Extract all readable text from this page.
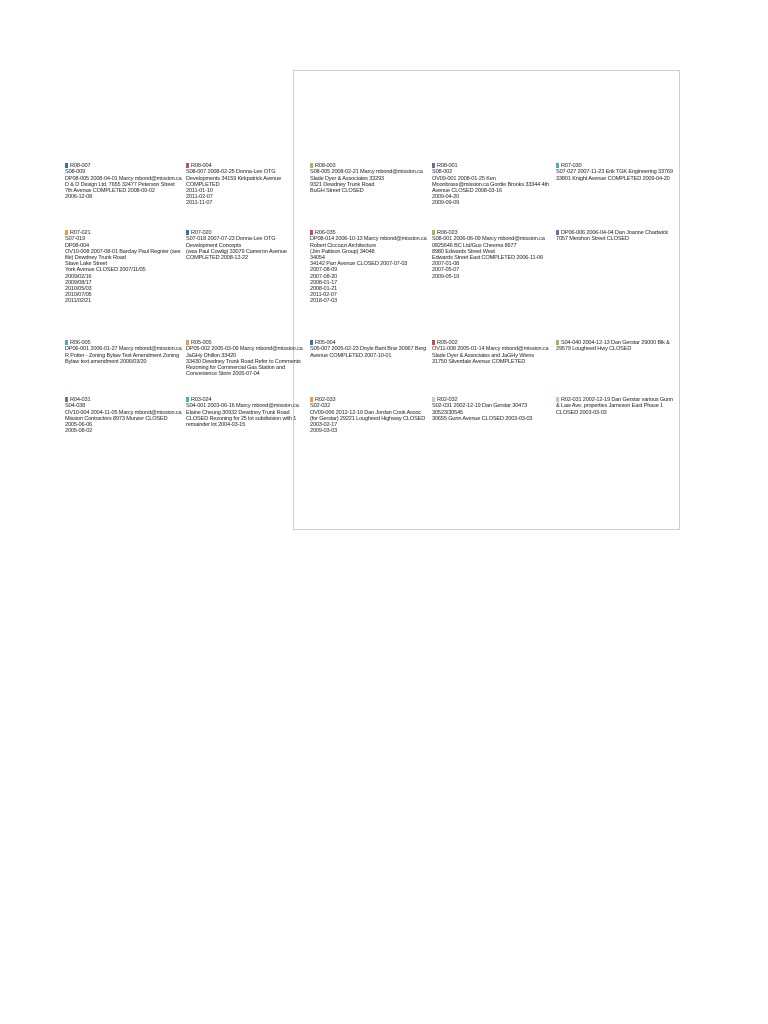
R08-007

S08-009
DP08-005 2008-04-01 Marcy mbond@mission.ca D & D Design Ltd. 7655 32477 Peterson Street
7th Avenue COMPLETED 2008-09-02
2006-12-08

R08-004

S08-007 2008-02-25 Donna-Lee OTG Developments 34159 Kirkpatrick Avenue COMPLETED
2011-01-10
2011-02-07
2011-11-07

R08-003

S08-005 2008-02-21 Marcy mbond@mission.ca Slade Dyer & Associates 33293
9321 Dewdney Trunk Road
BuGH Street CLOSED

R08-001

S08-002
OV09-001 2008-01-25 Ken Moonbrass@mission.ca Gordie Brooks 33344 4th Avenue CLOSED 2008-03-16
2009-04-20
2009-09-09

R07-030

S07-027 2007-11-23 Erik TGK Engineering 33769 33801 Knight Avenue COMPLETED 2009-04-20

R07-021

S07-019
DP08-004
OV10-008 2007-08-01 Barclay Paul Regnier (see file) Dewdney Trunk Road
Stave Lake Street
York Avenue CLOSED 2007/11/05
2009/02/16
2009/08/17
2010/05/03
2010/07/05
2011/02/21

R07-020

S07-018 2007-07-23 Donna-Lee OTG Development Concepts
(was Paul Cowlig) 33079 Cameron Avenue COMPLETED 2008-12-22

R06-035

DP08-014 2006-10-13 Marcy mbond@mission.ca Robert Ciccozzi Architecture
(Jim Pattison Group) 34048
34054
34142 Parr Avenue CLOSED 2007-07-03
2007-08-09
2007-08-20
2008-01-17
2008-01-21
2011-02-07
2018-07-03

R06-023

S08-001 2006-06-09 Marcy mbond@mission.ca 0825646 BC Ltd/Gus Cheema 8977
8980 Edwards Street West
Edwards Street East COMPLETED 2006-11-06
2007-01-08
2007-05-07
2009-05-19

DP06-006 2006-04-04 Dan Joanne Chadwick 7057 Mershon Street CLOSED

R06-005

DP06-001 2006-01-27 Marcy mbond@mission.ca R Potter - Zoning Bylaw Text Amendment Zoning Bylaw text amendment 2006/03/20

R05-005

DP05-002 2005-03-09 Marcy mbond@mission.ca JaGHy Dhillon 33420
33430 Dewdney Trunk Road Refer to Comments Rezoning for Commercial Gas Station and Convenience Store 2005-07-04

R05-004

S05-007 2005-02-23 Doyle Bant Brar 30967 Berg Avenue COMPLETED 2007-10-01

R05-002

OV11-008 2005-01-14 Marcy mbond@mission.ca Slade Dyer & Associates and JaGHy Wiens 31750 Silverdale Avenue COMPLETED

S04-040 2004-12-13 Dan Gerstar 29000 Blk & 29579 Lougheed Hwy CLOSED

R04-031

S04-038
OV10-004 2004-11-05 Marcy mbond@mission.ca Mission Contractors 8973 Munzer CLOSED
2005-06-06
2005-08-02

R03-024

S04-001 2003-06-16 Marcy mbond@mission.ca Elaine Cheung 30932 Dewdney Trunk Road CLOSED Rezoning for 25 lot subdivision with 1 remainder lot 2004-03-15

R02-033

S02-032
OV09-006 2012-12-19 Dan Jordan Cook Assoc (for Gerstar) 29221 Lougheed Highway CLOSED
2003-02-17
2009-03-03

R02-032

S02-031 2002-12-19 Dan Gerstar 30473
30523/30545
30655 Gunn Avenue CLOSED 2003-03-03

R02-031 2002-12-19 Dan Gerstar various Gunn & Law Ave. properties Jameson East Phase 1 CLOSED 2003-03-03
